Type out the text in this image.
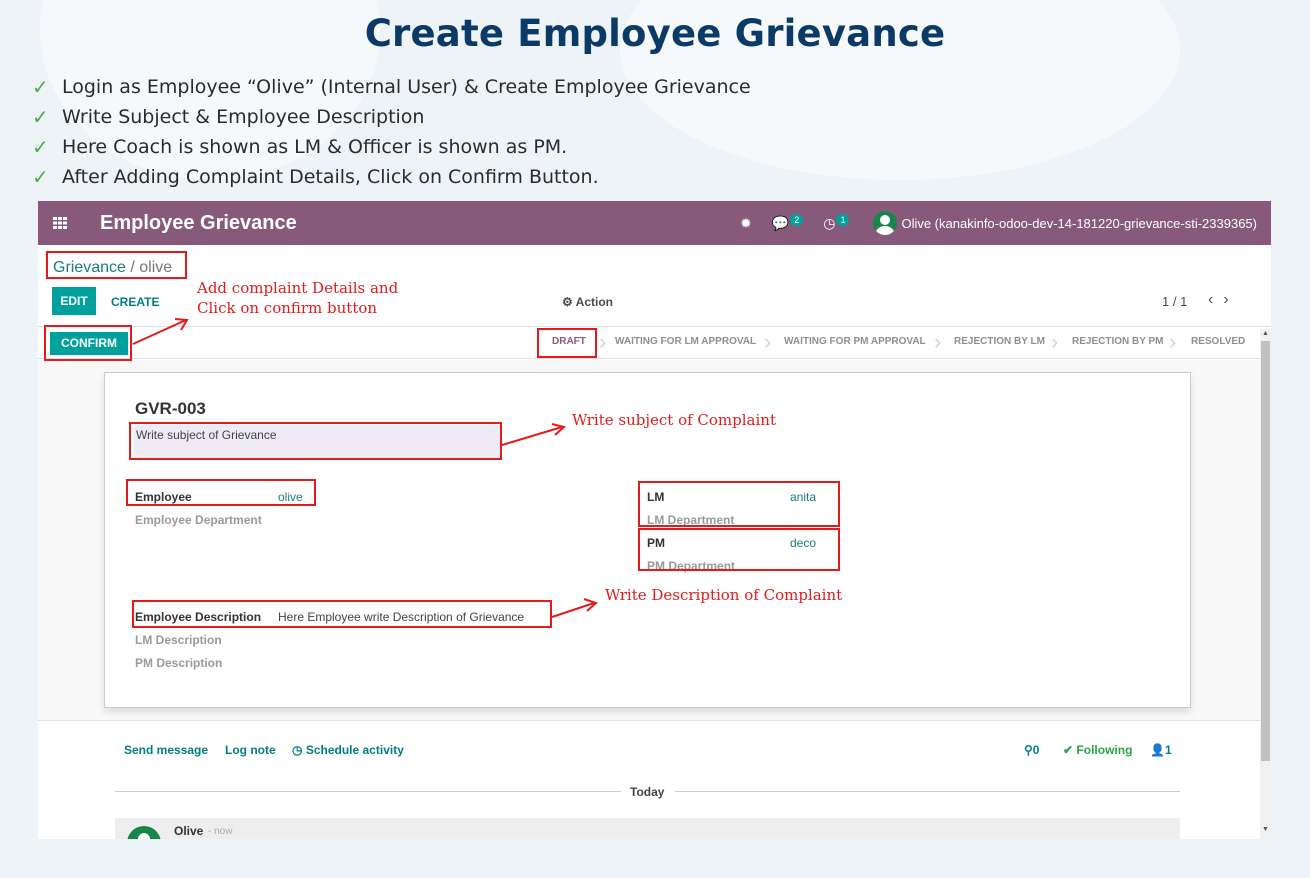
Create Employee Grievance
✓ Login as Employee “Olive” (Internal User) & Create Employee Grievance
✓ Write Subject & Employee Description
✓ Here Coach is shown as LM & Officer is shown as PM.
✓ After Adding Complaint Details, Click on Confirm Button.
Employee Grievance	✹ 💬 $^2$ ◷ $^1$	Olive (kanakinfo-odoo-dev-14-181220-grievance-sti-2339365)
Grievance / olive
EDIT	CREATE	⚙ Action	1 / 1 ‹›
CONFIRM	DRAFT › WAITING FOR LM APPROVAL › WAITING FOR PM APPROVAL › REJECTION BY LM › REJECTION BY PM › RESOLVED
GVR-003
Write subject of Grievance
Employee	olive
Employee Department
LM	anita
LM Department
PM	deco
PM Department
Employee Description Here Employee write Description of Grievance
LM Description
PM Description
▲
▼
Send message Log note ◷ Schedule activity	⚲0 ✔ Following 👤1
Today
Olive - now
Add complaint Details and
Click on confirm button
Write subject of Complaint
Write Description of Complaint
